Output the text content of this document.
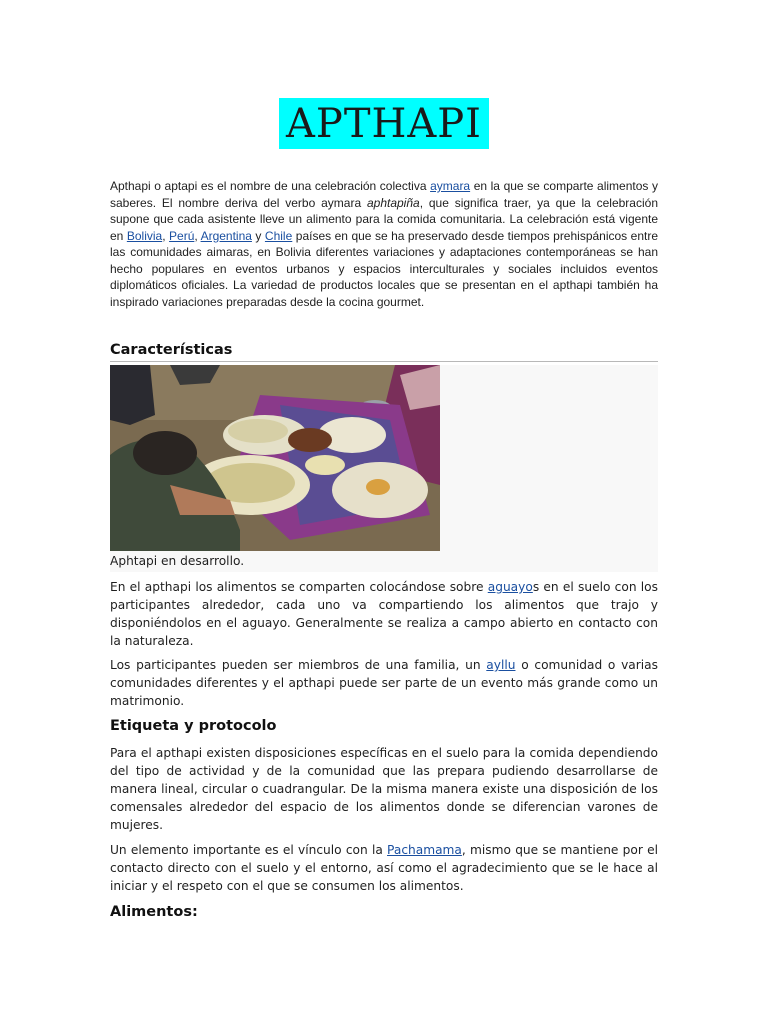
APTHAPI

Apthapi o aptapi es el nombre de una celebración colectiva aymara en la que se comparte alimentos y saberes. El nombre deriva del verbo aymara aphtapiña, que significa traer, ya que la celebración supone que cada asistente lleve un alimento para la comida comunitaria. La celebración está vigente en Bolivia, Perú, Argentina y Chile países en que se ha preservado desde tiempos prehispánicos entre las comunidades aimaras, en Bolivia diferentes variaciones y adaptaciones contemporáneas se han hecho populares en eventos urbanos y espacios interculturales y sociales incluidos eventos diplomáticos oficiales. La variedad de productos locales que se presentan en el apthapi también ha inspirado variaciones preparadas desde la cocina gourmet.

Características

Aphtapi en desarrollo.

En el apthapi los alimentos se comparten colocándose sobre aguayos en el suelo con los participantes alrededor, cada uno va compartiendo los alimentos que trajo y disponiéndolos en el aguayo. Generalmente se realiza a campo abierto en contacto con la naturaleza.

Los participantes pueden ser miembros de una familia, un ayllu o comunidad o varias comunidades diferentes y el apthapi puede ser parte de un evento más grande como un matrimonio.

Etiqueta y protocolo

Para el apthapi existen disposiciones específicas en el suelo para la comida dependiendo del tipo de actividad y de la comunidad que las prepara pudiendo desarrollarse de manera lineal, circular o cuadrangular. De la misma manera existe una disposición de los comensales alrededor del espacio de los alimentos donde se diferencian varones de mujeres.

Un elemento importante es el vínculo con la Pachamama, mismo que se mantiene por el contacto directo con el suelo y el entorno, así como el agradecimiento que se le hace al iniciar y el respeto con el que se consumen los alimentos.

Alimentos:
